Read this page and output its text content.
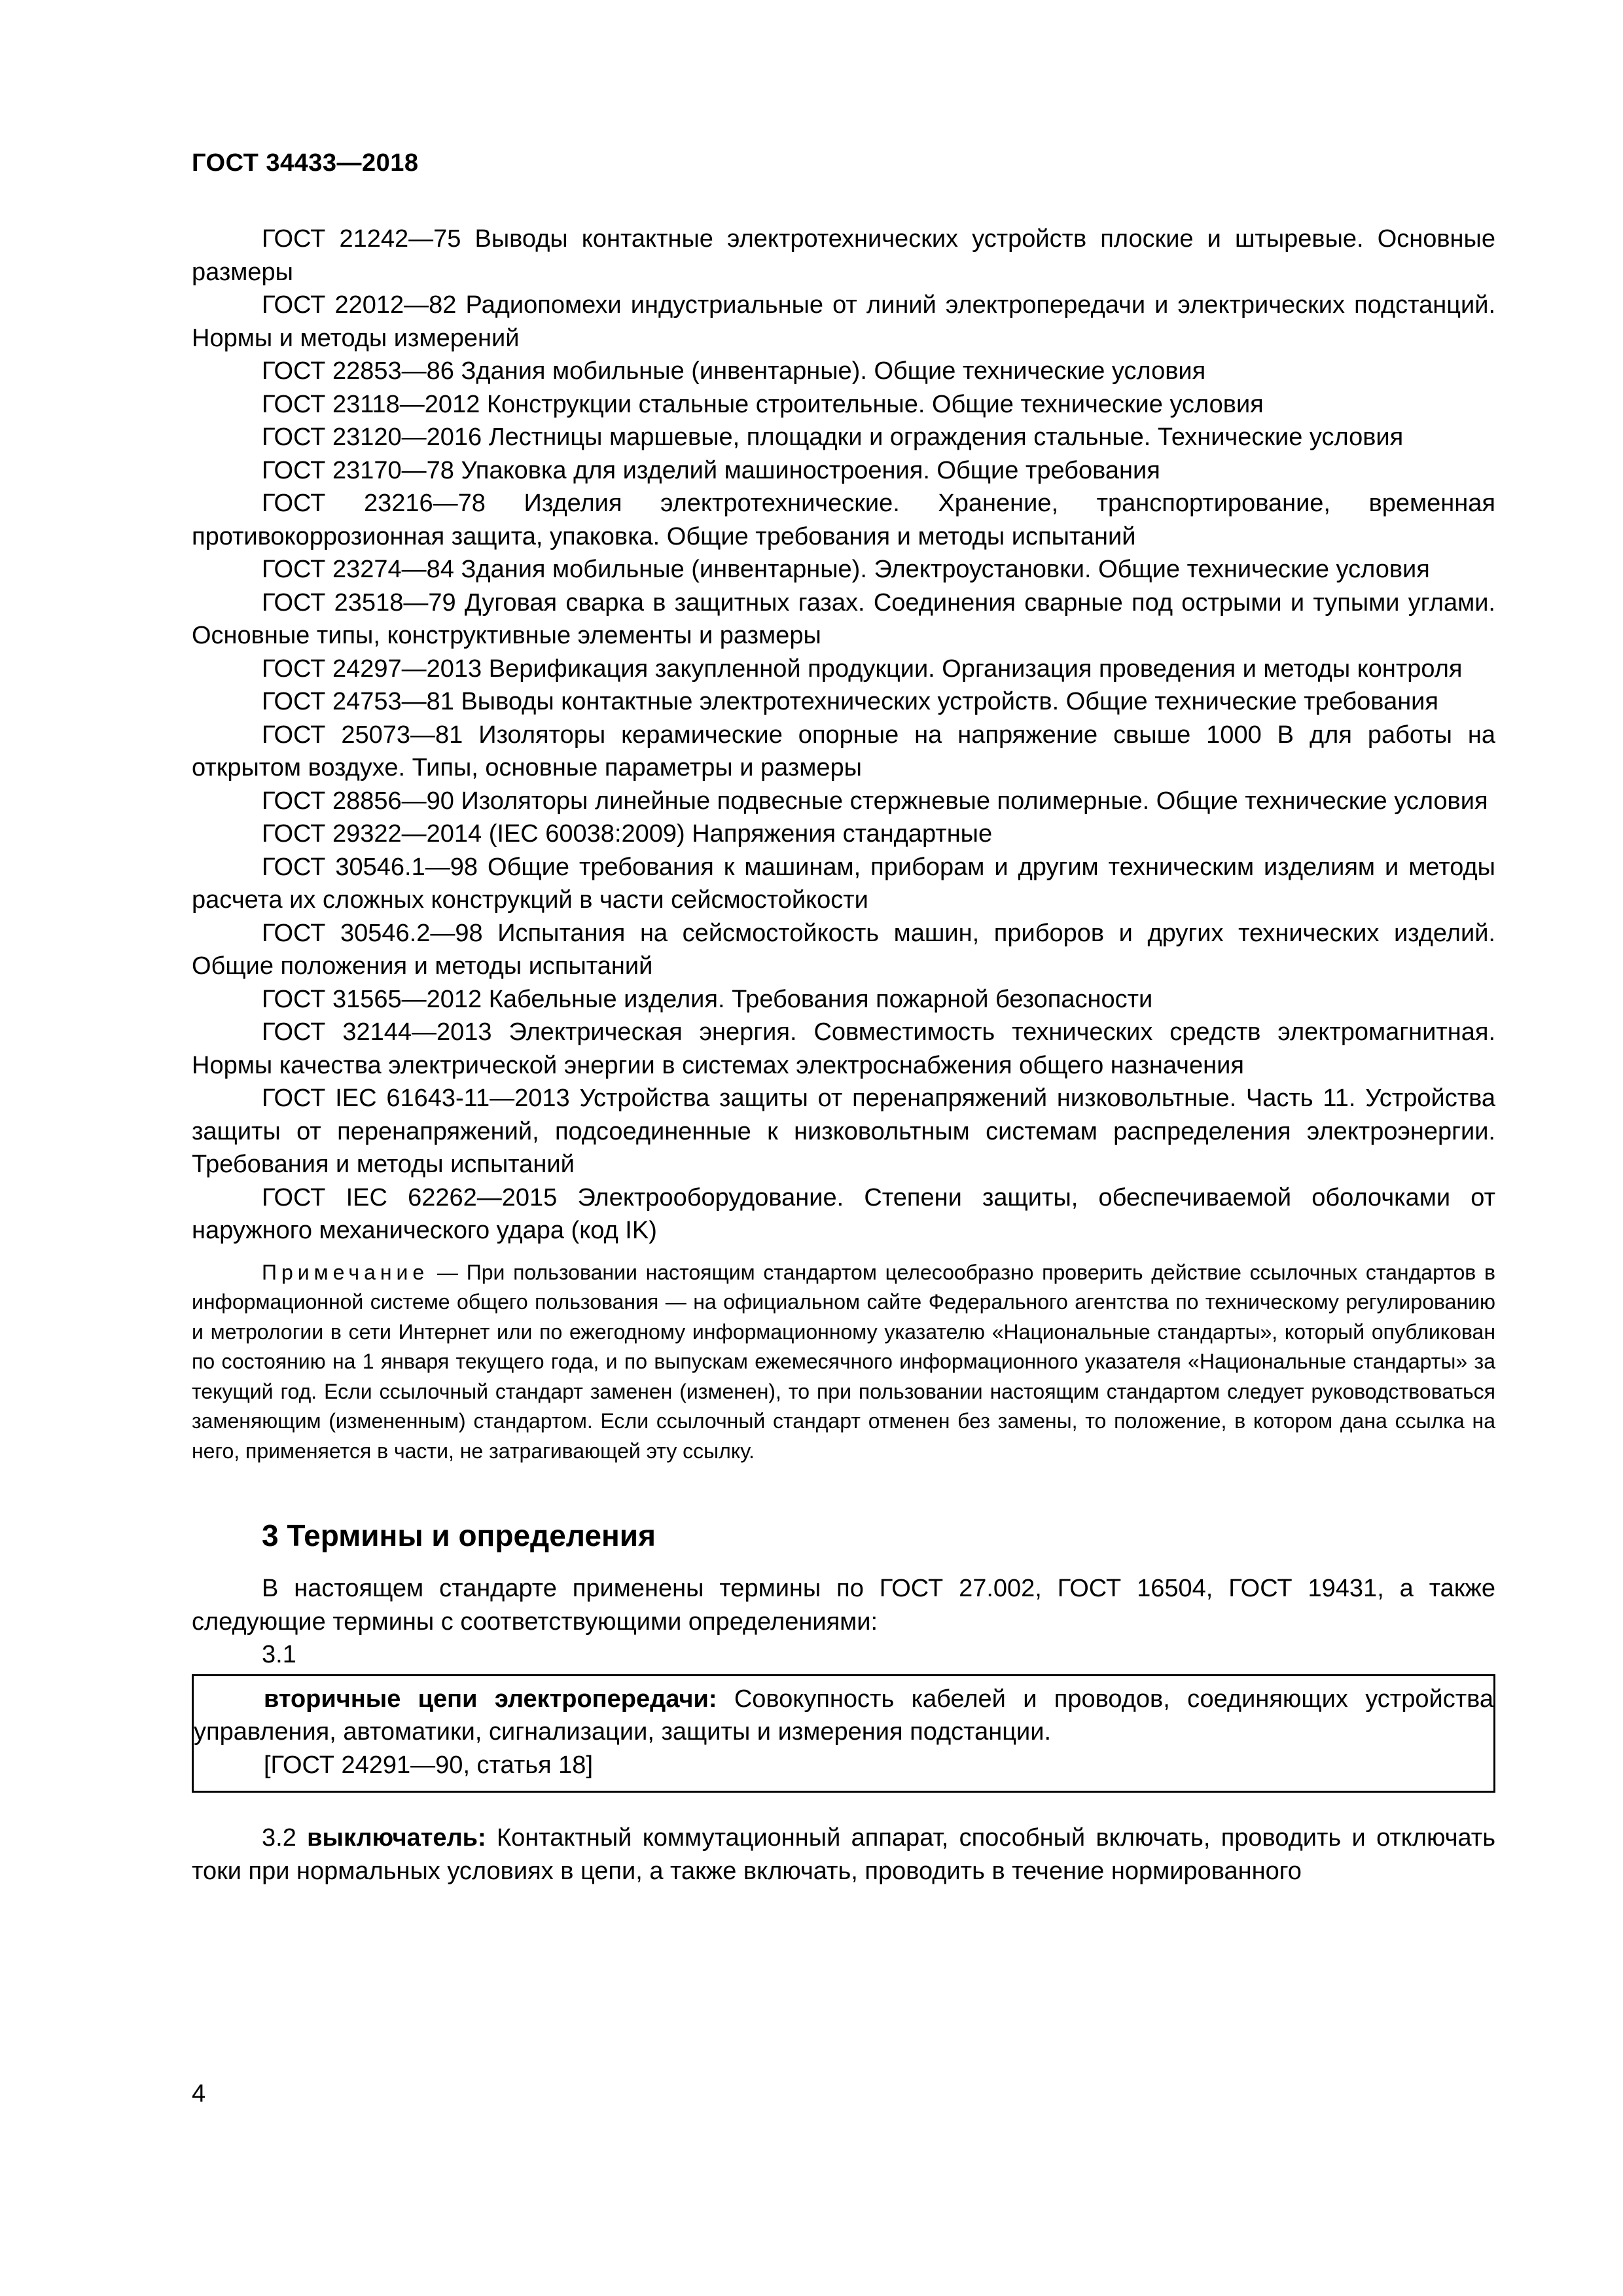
ГОСТ 34433—2018

ГОСТ 21242—75 Выводы контактные электротехнических устройств плоские и штыревые. Основные размеры

ГОСТ 22012—82 Радиопомехи индустриальные от линий электропередачи и электрических подстанций. Нормы и методы измерений

ГОСТ 22853—86 Здания мобильные (инвентарные). Общие технические условия

ГОСТ 23118—2012 Конструкции стальные строительные. Общие технические условия

ГОСТ 23120—2016 Лестницы маршевые, площадки и ограждения стальные. Технические условия

ГОСТ 23170—78 Упаковка для изделий машиностроения. Общие требования

ГОСТ 23216—78 Изделия электротехнические. Хранение, транспортирование, временная противокоррозионная защита, упаковка. Общие требования и методы испытаний

ГОСТ 23274—84 Здания мобильные (инвентарные). Электроустановки. Общие технические условия

ГОСТ 23518—79 Дуговая сварка в защитных газах. Соединения сварные под острыми и тупыми углами. Основные типы, конструктивные элементы и размеры

ГОСТ 24297—2013 Верификация закупленной продукции. Организация проведения и методы контроля

ГОСТ 24753—81 Выводы контактные электротехнических устройств. Общие технические требования

ГОСТ 25073—81 Изоляторы керамические опорные на напряжение свыше 1000 В для работы на открытом воздухе. Типы, основные параметры и размеры

ГОСТ 28856—90 Изоляторы линейные подвесные стержневые полимерные. Общие технические условия

ГОСТ 29322—2014 (IEC 60038:2009) Напряжения стандартные

ГОСТ 30546.1—98 Общие требования к машинам, приборам и другим техническим изделиям и методы расчета их сложных конструкций в части сейсмостойкости

ГОСТ 30546.2—98 Испытания на сейсмостойкость машин, приборов и других технических изделий. Общие положения и методы испытаний

ГОСТ 31565—2012 Кабельные изделия. Требования пожарной безопасности

ГОСТ 32144—2013 Электрическая энергия. Совместимость технических средств электромагнитная. Нормы качества электрической энергии в системах электроснабжения общего назначения

ГОСТ IEC 61643-11—2013 Устройства защиты от перенапряжений низковольтные. Часть 11. Устройства защиты от перенапряжений, подсоединенные к низковольтным системам распределения электроэнергии. Требования и методы испытаний

ГОСТ IEC 62262—2015 Электрооборудование. Степени защиты, обеспечиваемой оболочками от наружного механического удара (код IK)

Примечание — При пользовании настоящим стандартом целесообразно проверить действие ссылочных стандартов в информационной системе общего пользования — на официальном сайте Федерального агентства по техническому регулированию и метрологии в сети Интернет или по ежегодному информационному указателю «Национальные стандарты», который опубликован по состоянию на 1 января текущего года, и по выпускам ежемесячного информационного указателя «Национальные стандарты» за текущий год. Если ссылочный стандарт заменен (изменен), то при пользовании настоящим стандартом следует руководствоваться заменяющим (измененным) стандартом. Если ссылочный стандарт отменен без замены, то положение, в котором дана ссылка на него, применяется в части, не затрагивающей эту ссылку.

3 Термины и определения

В настоящем стандарте применены термины по ГОСТ 27.002, ГОСТ 16504, ГОСТ 19431, а также следующие термины с соответствующими определениями:

3.1

вторичные цепи электропередачи: Совокупность кабелей и проводов, соединяющих устройства управления, автоматики, сигнализации, защиты и измерения подстанции.

[ГОСТ 24291—90, статья 18]

3.2 выключатель: Контактный коммутационный аппарат, способный включать, проводить и отключать токи при нормальных условиях в цепи, а также включать, проводить в течение нормированного

4
